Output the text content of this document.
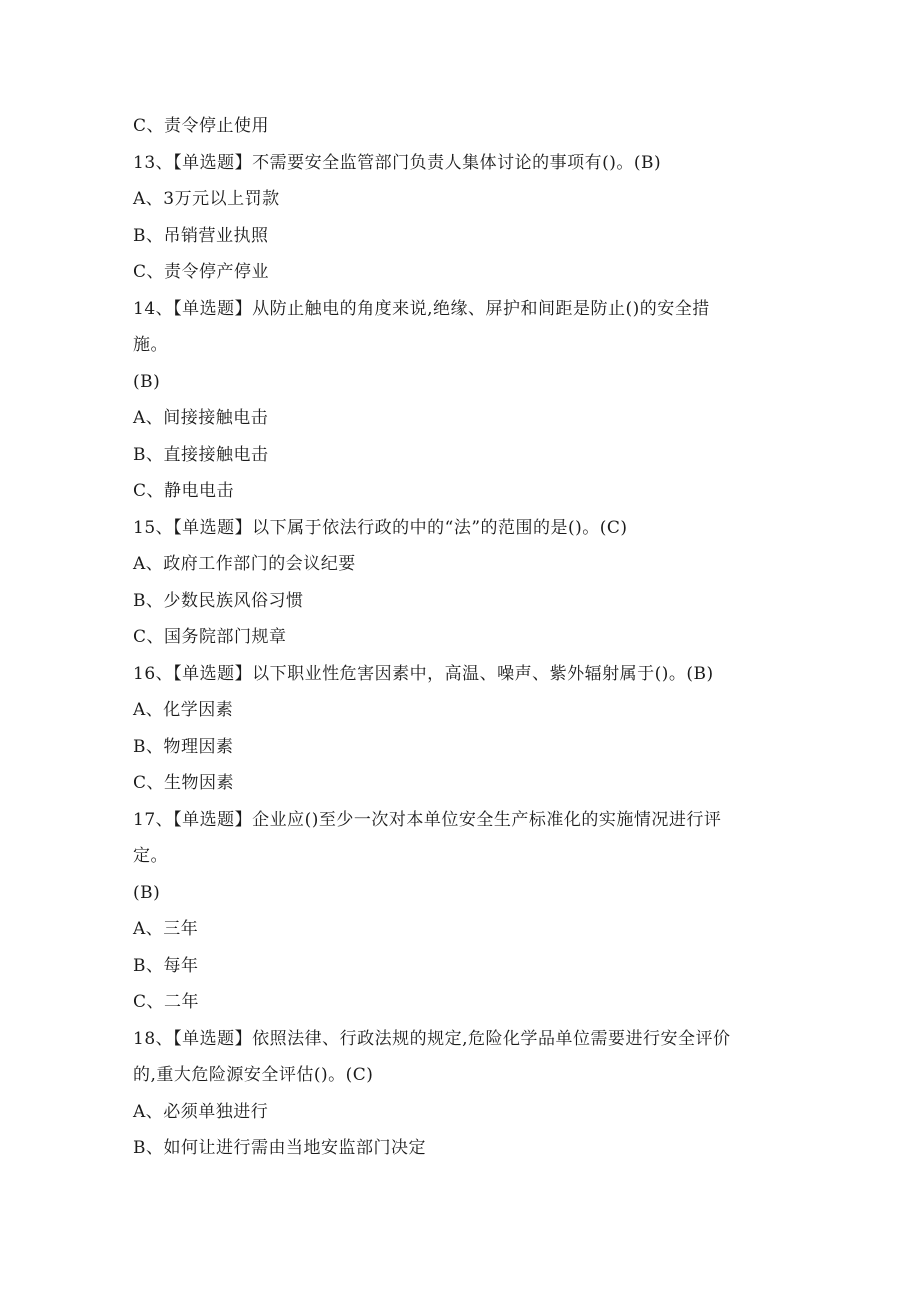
C、责令停止使用
13、【单选题】不需要安全监管部门负责人集体讨论的事项有()。(B)
A、3万元以上罚款
B、吊销营业执照
C、责令停产停业
14、【单选题】从防止触电的角度来说,绝缘、屏护和间距是防止()的安全措
施。
(B)
A、间接接触电击
B、直接接触电击
C、静电电击
15、【单选题】以下属于依法行政的中的“法”的范围的是()。(C)
A、政府工作部门的会议纪要
B、少数民族风俗习惯
C、国务院部门规章
16、【单选题】以下职业性危害因素中，高温、噪声、紫外辐射属于()。(B)
A、化学因素
B、物理因素
C、生物因素
17、【单选题】企业应()至少一次对本单位安全生产标准化的实施情况进行评
定。
(B)
A、三年
B、每年
C、二年
18、【单选题】依照法律、行政法规的规定,危险化学品单位需要进行安全评价
的,重大危险源安全评估()。(C)
A、必须单独进行
B、如何让进行需由当地安监部门决定
